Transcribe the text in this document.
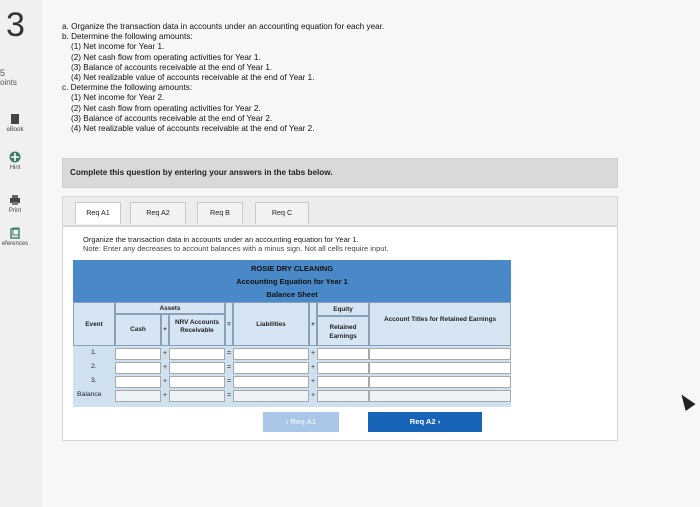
3
5
oints
eBook
Hint
Print
eferences
a. Organize the transaction data in accounts under an accounting equation for each year.
b. Determine the following amounts:
(1) Net income for Year 1.
(2) Net cash flow from operating activities for Year 1.
(3) Balance of accounts receivable at the end of Year 1.
(4) Net realizable value of accounts receivable at the end of Year 1.
c. Determine the following amounts:
(1) Net income for Year 2.
(2) Net cash flow from operating activities for Year 2.
(3) Balance of accounts receivable at the end of Year 2.
(4) Net realizable value of accounts receivable at the end of Year 2.
Complete this question by entering your answers in the tabs below.
Req A1	Req A2	Req B	Req C
Organize the transaction data in accounts under an accounting equation for Year 1.
Note: Enter any decreases to account balances with a minus sign. Not all cells require input.
ROSIE DRY CLEANING
Accounting Equation for Year 1
Balance Sheet
Event
Assets
Cash	+
NRV Accounts Receivable
=	Liabilities	+
Equity
Retained Earnings
Account Titles for Retained Earnings
1.	+	=	+
2.	+	=	+
3.	+	=	+
Balance	+	=	+
‹ Req A1	Req A2 ›
